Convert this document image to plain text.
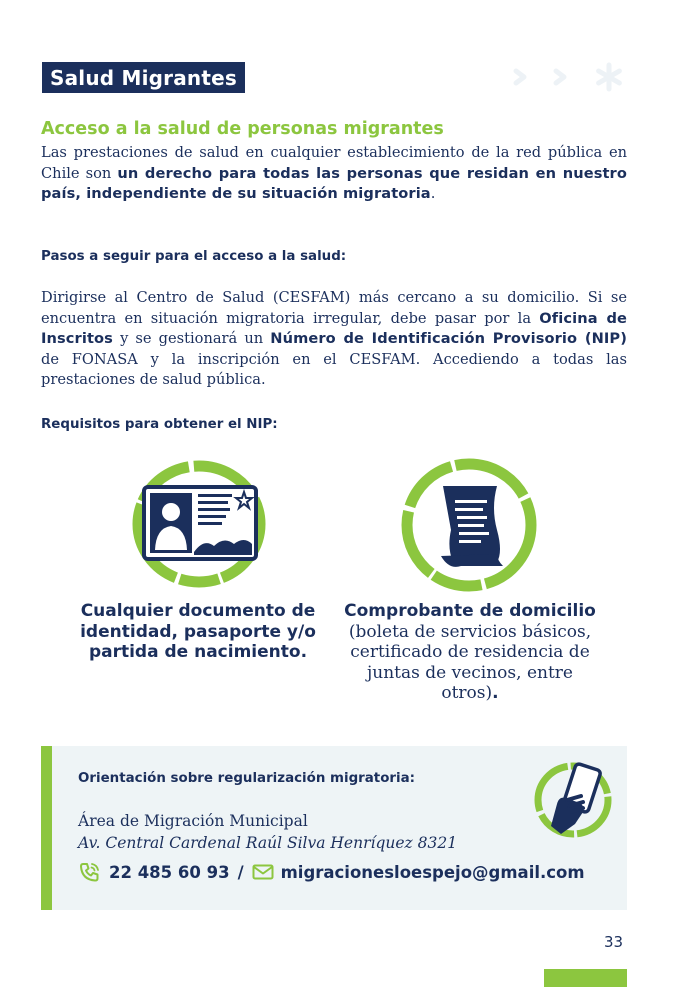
Salud Migrantes
Acceso a la salud de personas migrantes

Las prestaciones de salud en cualquier establecimiento de la red pública en Chile son un derecho para todas las personas que residan en nuestro país, independiente de su situación migratoria.

Pasos a seguir para el acceso a la salud:

Dirigirse al Centro de Salud (CESFAM) más cercano a su domicilio. Si se encuentra en situación migratoria irregular, debe pasar por la Oficina de Inscritos y se gestionará un Número de Identificación Provisorio (NIP) de FONASA y la inscripción en el CESFAM. Accediendo a todas las prestaciones de salud pública.

Requisitos para obtener el NIP:
Cualquier documento de identidad, pasaporte y/o partida de nacimiento.
Comprobante de domicilio (boleta de servicios básicos, certificado de residencia de juntas de vecinos, entre otros).
Orientación sobre regularización migratoria:
Área de Migración Municipal
Av. Central Cardenal Raúl Silva Henríquez 8321
22 485 60 93 / migracionesloespejo@gmail.com
33
